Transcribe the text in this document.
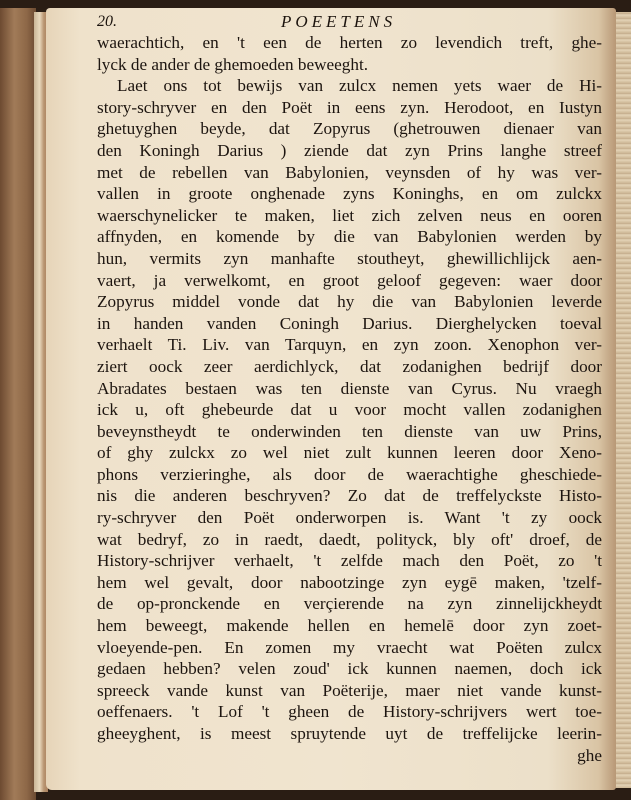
20.	POEETENS
waerachtich, en 't een de herten zo levendich treft, ghe-
lyck de ander de ghemoeden beweeght.
Laet ons tot bewijs van zulcx nemen yets waer de Hi-
story-schryver en den Poët in eens zyn. Herodoot, en Iustyn
ghetuyghen beyde, dat Zopyrus (ghetrouwen dienaer van
den Koningh Darius ) ziende dat zyn Prins langhe streef
met de rebellen van Babylonien, veynsden of hy was ver-
vallen in groote onghenade zyns Koninghs, en om zulckx
waerschynelicker te maken, liet zich zelven neus en ooren
affnyden, en komende by die van Babylonien werden by
hun, vermits zyn manhafte stoutheyt, ghewillichlijck aen-
vaert, ja verwelkomt, en groot geloof gegeven: waer door
Zopyrus middel vonde dat hy die van Babylonien leverde
in handen vanden Coningh Darius. Dierghelycken toeval
verhaelt Ti. Liv. van Tarquyn, en zyn zoon. Xenophon ver-
ziert oock zeer aerdichlyck, dat zodanighen bedrijf door
Abradates bestaen was ten dienste van Cyrus. Nu vraegh
ick u, oft ghebeurde dat u voor mocht vallen zodanighen
beveynstheydt te onderwinden ten dienste van uw Prins,
of ghy zulckx zo wel niet zult kunnen leeren door Xeno-
phons verzieringhe, als door de waerachtighe gheschiede-
nis die anderen beschryven? Zo dat de treffelyckste Histo-
ry-schryver den Poët onderworpen is. Want 't zy oock
wat bedryf, zo in raedt, daedt, polityck, bly oft' droef, de
History-schrijver verhaelt, 't zelfde mach den Poët, zo 't
hem wel gevalt, door nabootzinge zyn eygē maken, 'tzelf-
de op-pronckende en verçierende na zyn zinnelijckheydt
hem beweegt, makende hellen en hemelē door zyn zoet-
vloeyende-pen. En zomen my vraecht wat Poëten zulcx
gedaen hebben? velen zoud' ick kunnen naemen, doch ick
spreeck vande kunst van Poëterije, maer niet vande kunst-
oeffenaers. 't Lof 't gheen de History-schrijvers wert toe-
gheeyghent, is meest spruytende uyt de treffelijcke leerin-
ghe
